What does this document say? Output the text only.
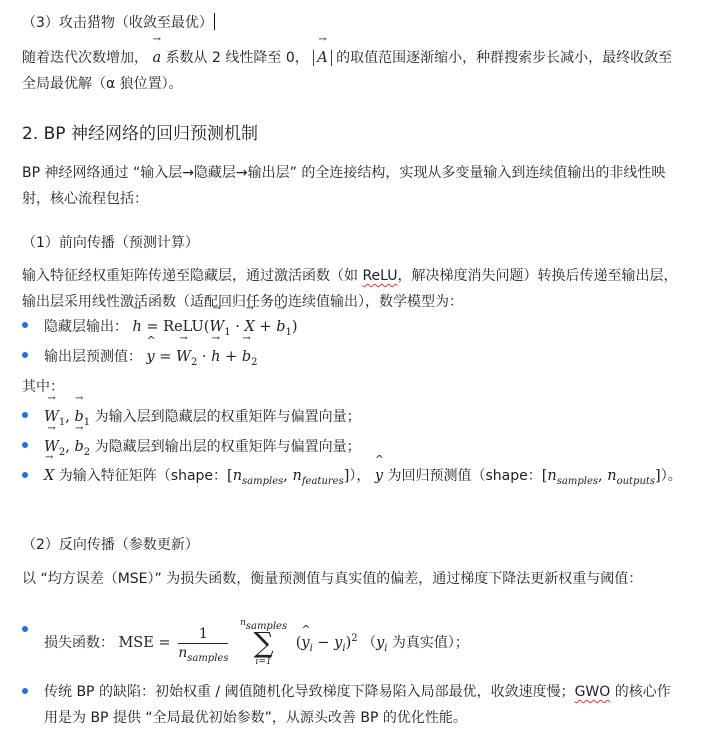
（3）攻击猎物（收敛至最优）

随着迭代次数增加， → a 系数从 2 线性降至 0， → A 的取值范围逐渐缩小，种群搜索步长减小，最终收敛至全局最优解（α 狼位置）。

2. BP 神经网络的回归预测机制

BP 神经网络通过 “输入层→隐藏层→输出层” 的全连接结构，实现从多变量输入到连续值输出的非线性映射，核心流程包括：

（1）前向传播（预测计算）

输入特征经权重矩阵传递至隐藏层，通过激活函数（如 ReLU，解决梯度消失问题）转换后传递至输出层，输出层采用线性激活函数（适配回归任务的连续值输出），数学模型为：

隐藏层输出： → h = ReLU(→ $W_1$ · → X + → $b_1$)

输出层预测值： ^ y = → $W_2$ · → h + → $b_2$

其中：

→ $W_1$, → $b_1$ 为输入层到隐藏层的权重矩阵与偏置向量；

→ $W_2$, → $b_2$ 为隐藏层到输出层的权重矩阵与偏置向量；

→ X 为输入特征矩阵（shape：[$n_{samples}$, $n_{features}$]）， ^ y 为回归预测值（shape：[$n_{samples}$, $n_{outputs}$]）。

（2）反向传播（参数更新）

以 “均方误差（MSE）” 为损失函数，衡量预测值与真实值的偏差，通过梯度下降法更新权重与阈值：

损失函数： MSE = $\frac{1}{n_{samples}}$

$n_{samples}$
∑
i=1
(^ $y_i - y_i)^2$ （$y_i$ 为真实值）；

传统 BP 的缺陷：初始权重 / 阈值随机化导致梯度下降易陷入局部最优，收敛速度慢；GWO 的核心作用是为 BP 提供 “全局最优初始参数”，从源头改善 BP 的优化性能。
